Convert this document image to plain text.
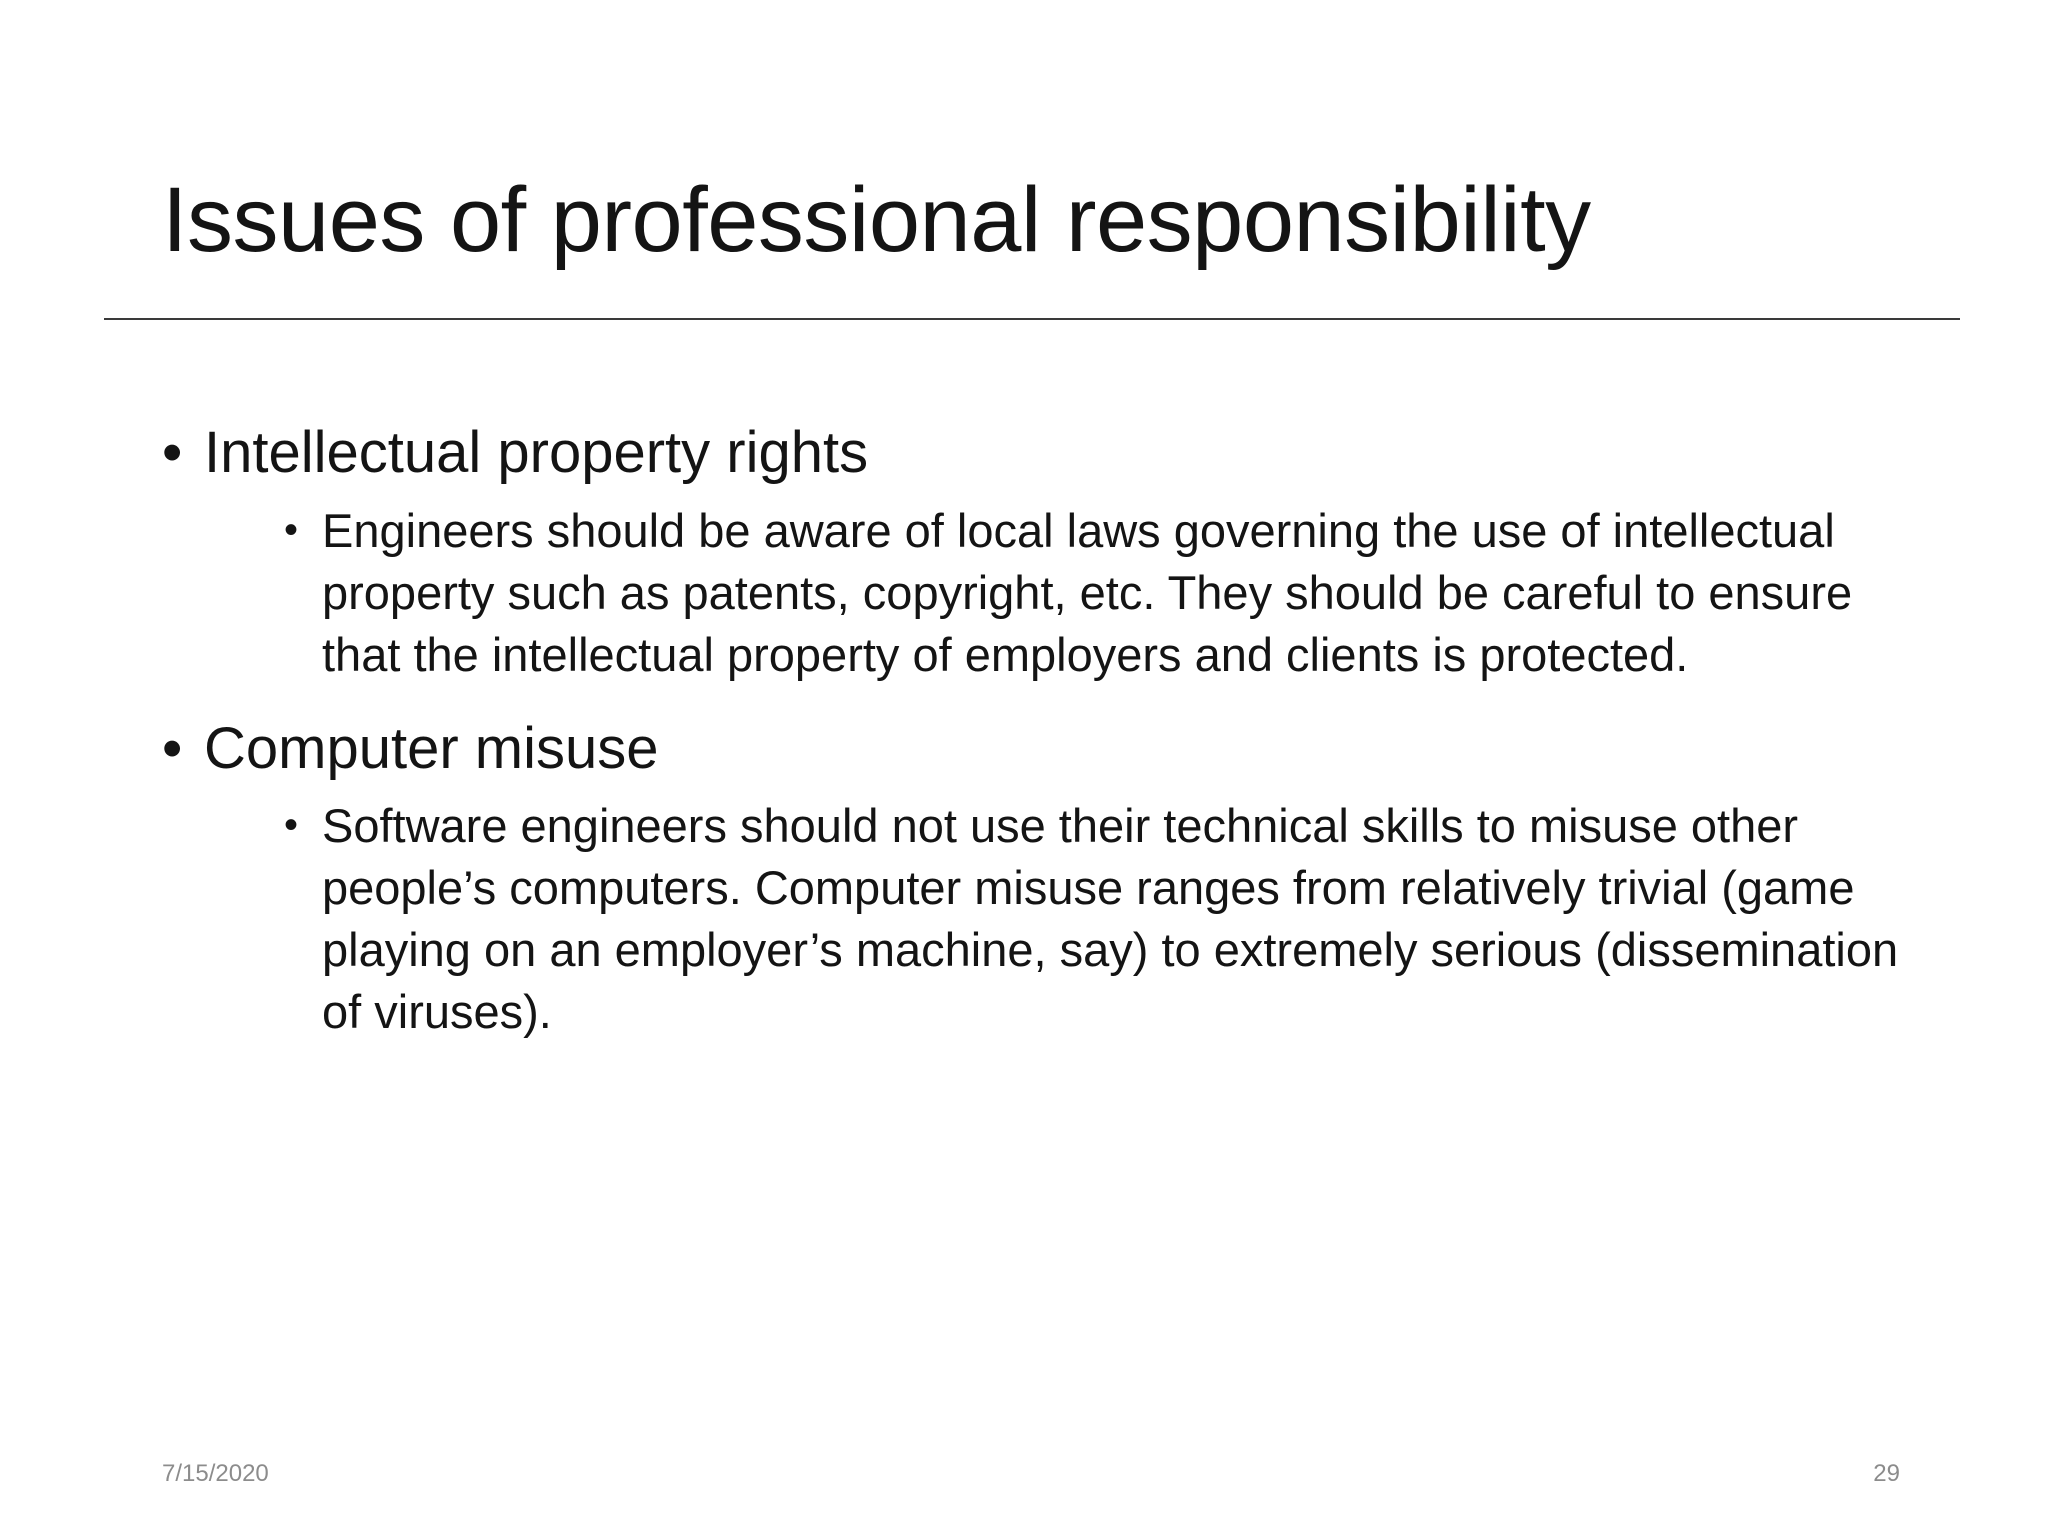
Issues of professional responsibility
• Intellectual property rights
• Engineers should be aware of local laws governing the use of intellectual property such as patents, copyright, etc. They should be careful to ensure that the intellectual property of employers and clients is protected.
• Computer misuse
• Software engineers should not use their technical skills to misuse other people’s computers. Computer misuse ranges from relatively trivial (game playing on an employer’s machine, say) to extremely serious (dissemination of viruses).
7/15/2020	29
